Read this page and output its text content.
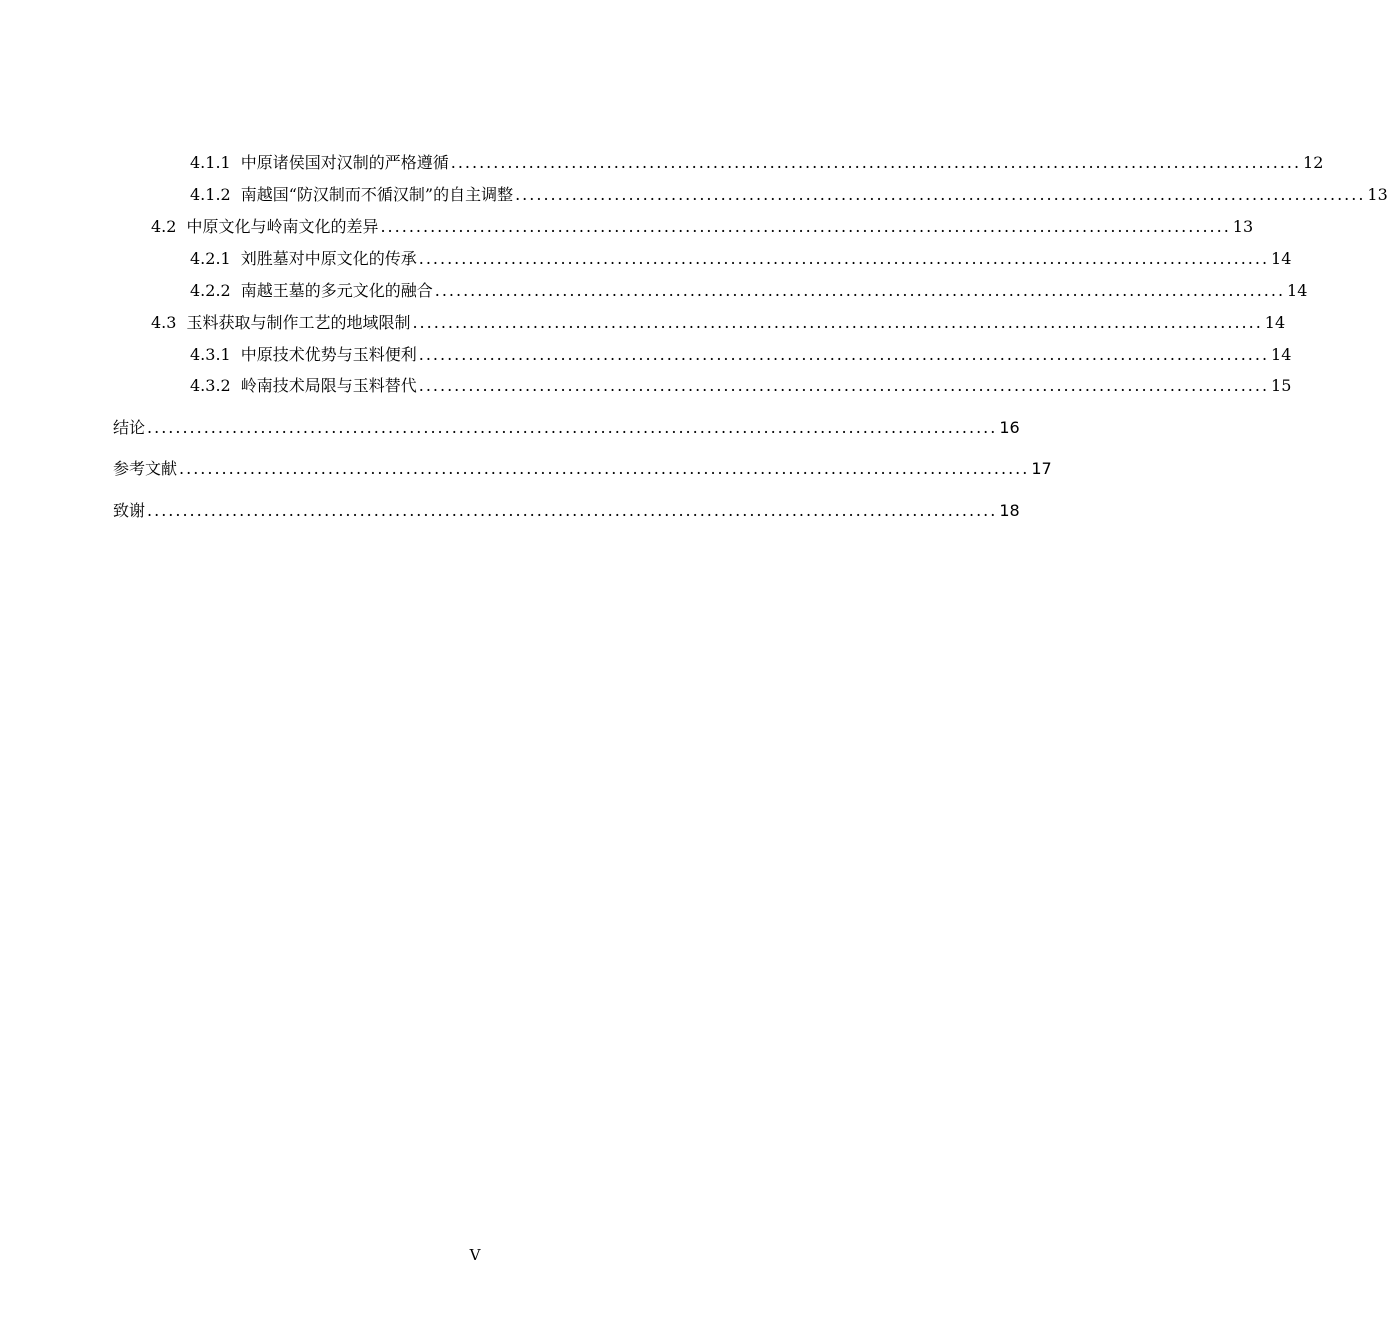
4.1.1 中原诸侯国对汉制的严格遵循 ........................................................................................................................ 12
4.1.2 南越国“防汉制而不循汉制”的自主调整 ........................................................................................................................ 13
4.2 中原文化与岭南文化的差异 ........................................................................................................................ 13
4.2.1 刘胜墓对中原文化的传承 ........................................................................................................................ 14
4.2.2 南越王墓的多元文化的融合 ........................................................................................................................ 14
4.3 玉料获取与制作工艺的地域限制 ........................................................................................................................ 14
4.3.1 中原技术优势与玉料便利 ........................................................................................................................ 14
4.3.2 岭南技术局限与玉料替代 ........................................................................................................................ 15
结论 ........................................................................................................................ 16
参考文献 ........................................................................................................................ 17
致谢 ........................................................................................................................ 18
V
